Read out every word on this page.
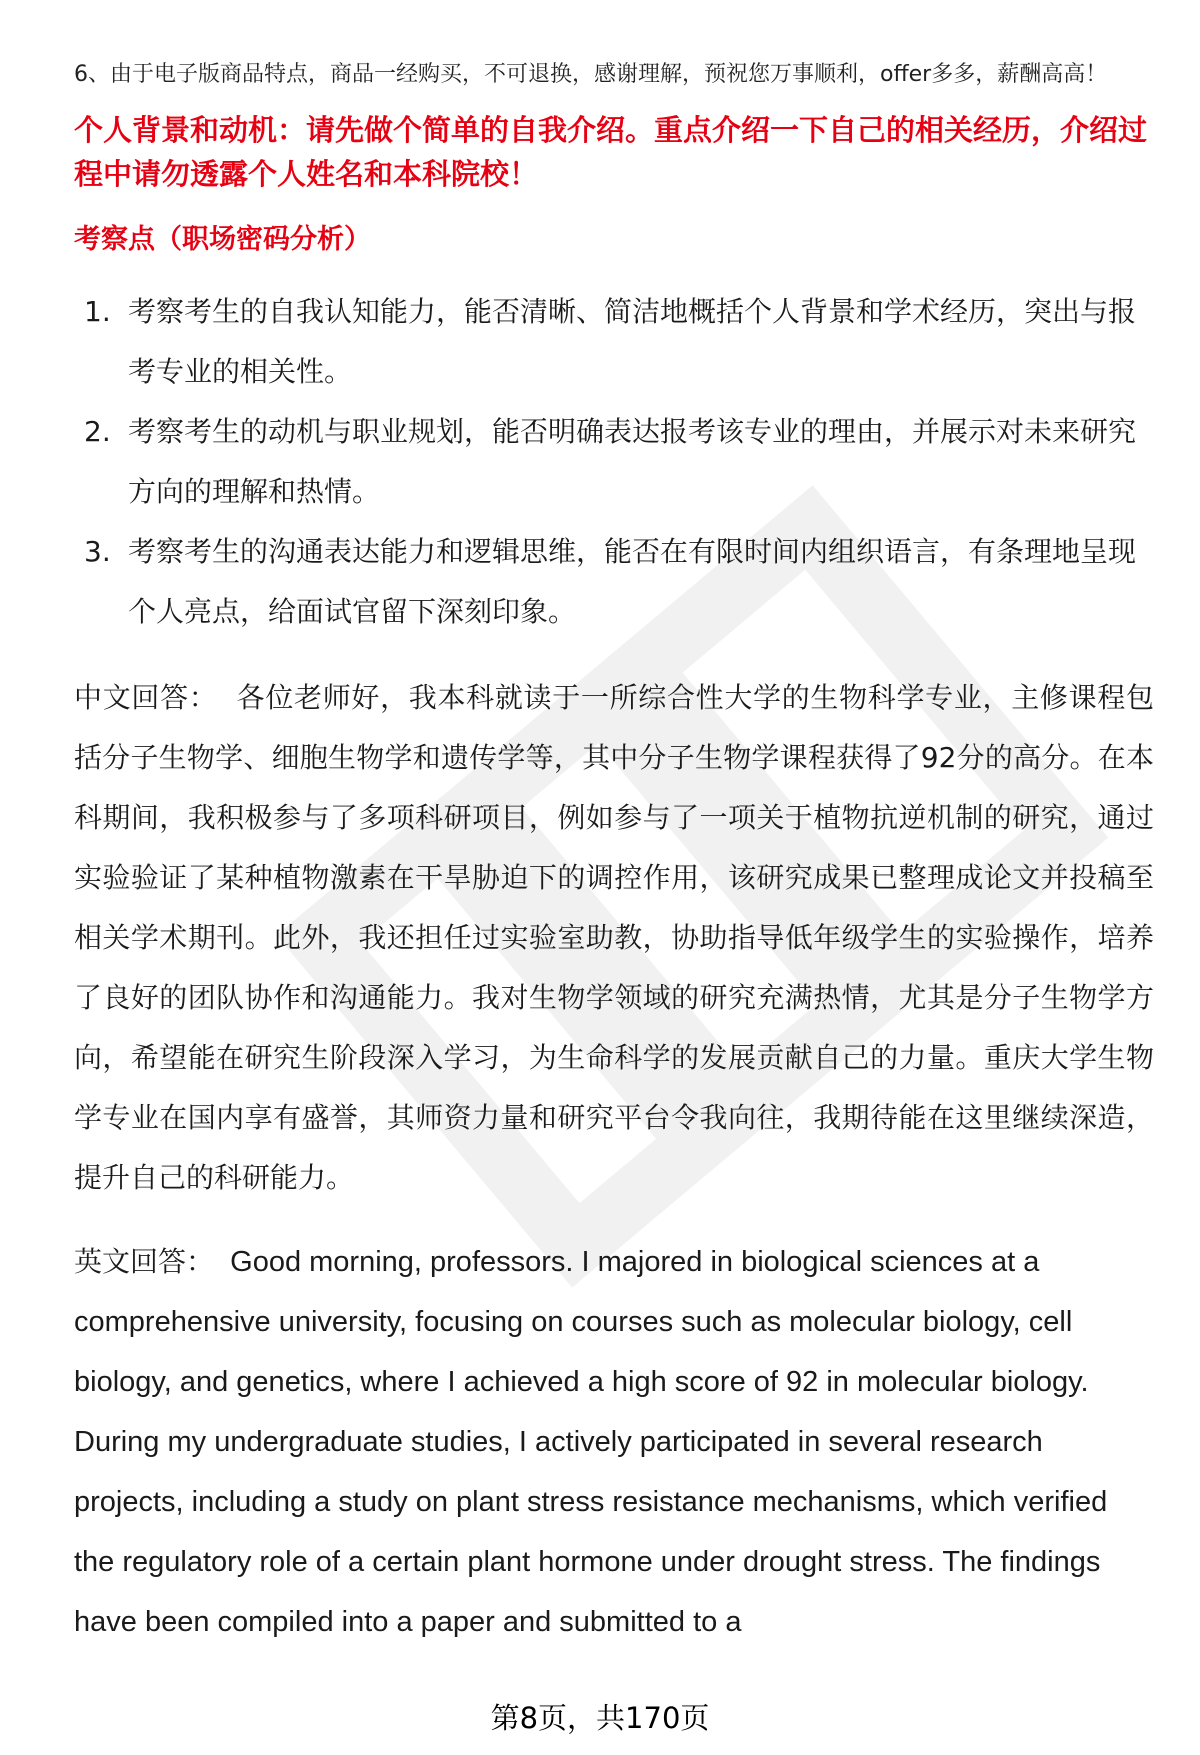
6、由于电子版商品特点，商品一经购买，不可退换，感谢理解，预祝您万事顺利，offer多多，薪酬高高！

个人背景和动机：请先做个简单的自我介绍。重点介绍一下自己的相关经历，介绍过程中请勿透露个人姓名和本科院校！

考察点（职场密码分析）
1. 考察考生的自我认知能力，能否清晰、简洁地概括个人背景和学术经历，突出与报考专业的相关性。
2. 考察考生的动机与职业规划，能否明确表达报考该专业的理由，并展示对未来研究方向的理解和热情。
3. 考察考生的沟通表达能力和逻辑思维，能否在有限时间内组织语言，有条理地呈现个人亮点，给面试官留下深刻印象。

中文回答： 各位老师好，我本科就读于一所综合性大学的生物科学专业，主修课程包括分子生物学、细胞生物学和遗传学等，其中分子生物学课程获得了92分的高分。在本科期间，我积极参与了多项科研项目，例如参与了一项关于植物抗逆机制的研究，通过实验验证了某种植物激素在干旱胁迫下的调控作用，该研究成果已整理成论文并投稿至相关学术期刊。此外，我还担任过实验室助教，协助指导低年级学生的实验操作，培养了良好的团队协作和沟通能力。我对生物学领域的研究充满热情，尤其是分子生物学方向，希望能在研究生阶段深入学习，为生命科学的发展贡献自己的力量。重庆大学生物学专业在国内享有盛誉，其师资力量和研究平台令我向往，我期待能在这里继续深造，提升自己的科研能力。

英文回答： Good morning, professors. I majored in biological sciences at a comprehensive university, focusing on courses such as molecular biology, cell biology, and genetics, where I achieved a high score of 92 in molecular biology. During my undergraduate studies, I actively participated in several research projects, including a study on plant stress resistance mechanisms, which verified the regulatory role of a certain plant hormone under drought stress. The findings have been compiled into a paper and submitted to a

第8页，共170页
